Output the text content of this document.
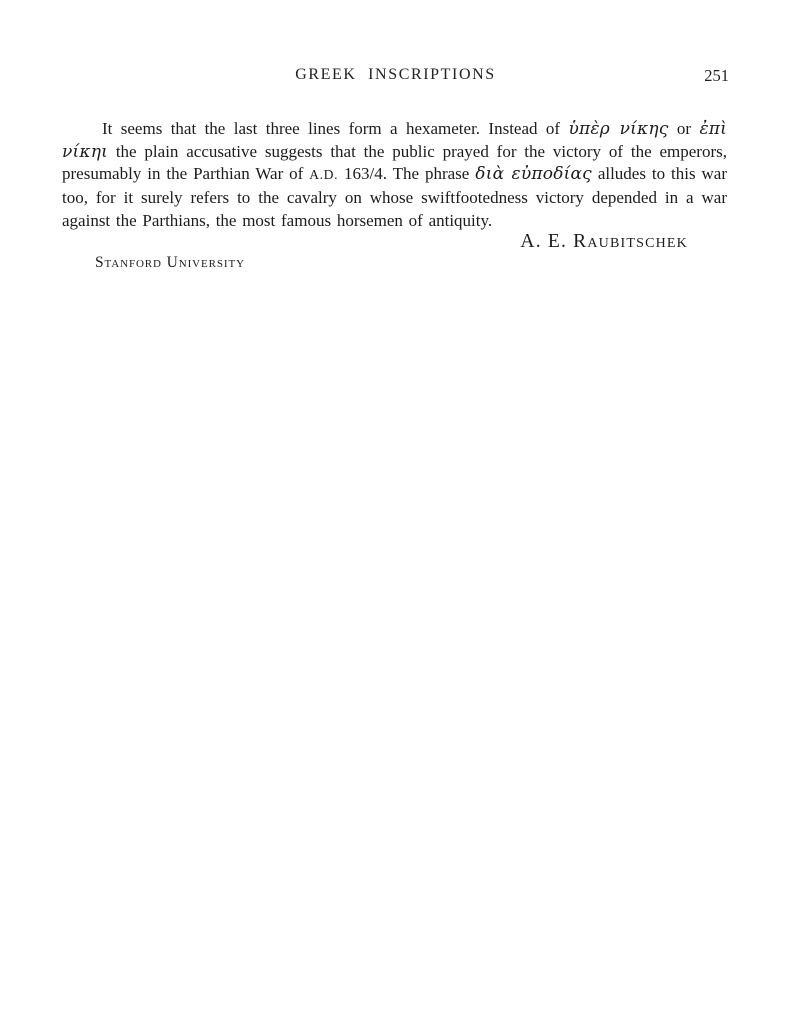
GREEK INSCRIPTIONS	251

It seems that the last three lines form a hexameter. Instead of ὑπὲρ νίκης or ἐπὶ νίκηι the plain accusative suggests that the public prayed for the victory of the emperors, presumably in the Parthian War of A.D. 163/4. The phrase διὰ εὐποδίας alludes to this war too, for it surely refers to the cavalry on whose swiftfootedness victory depended in a war against the Parthians, the most famous horsemen of antiquity.

A. E. Raubitschek
Stanford University
